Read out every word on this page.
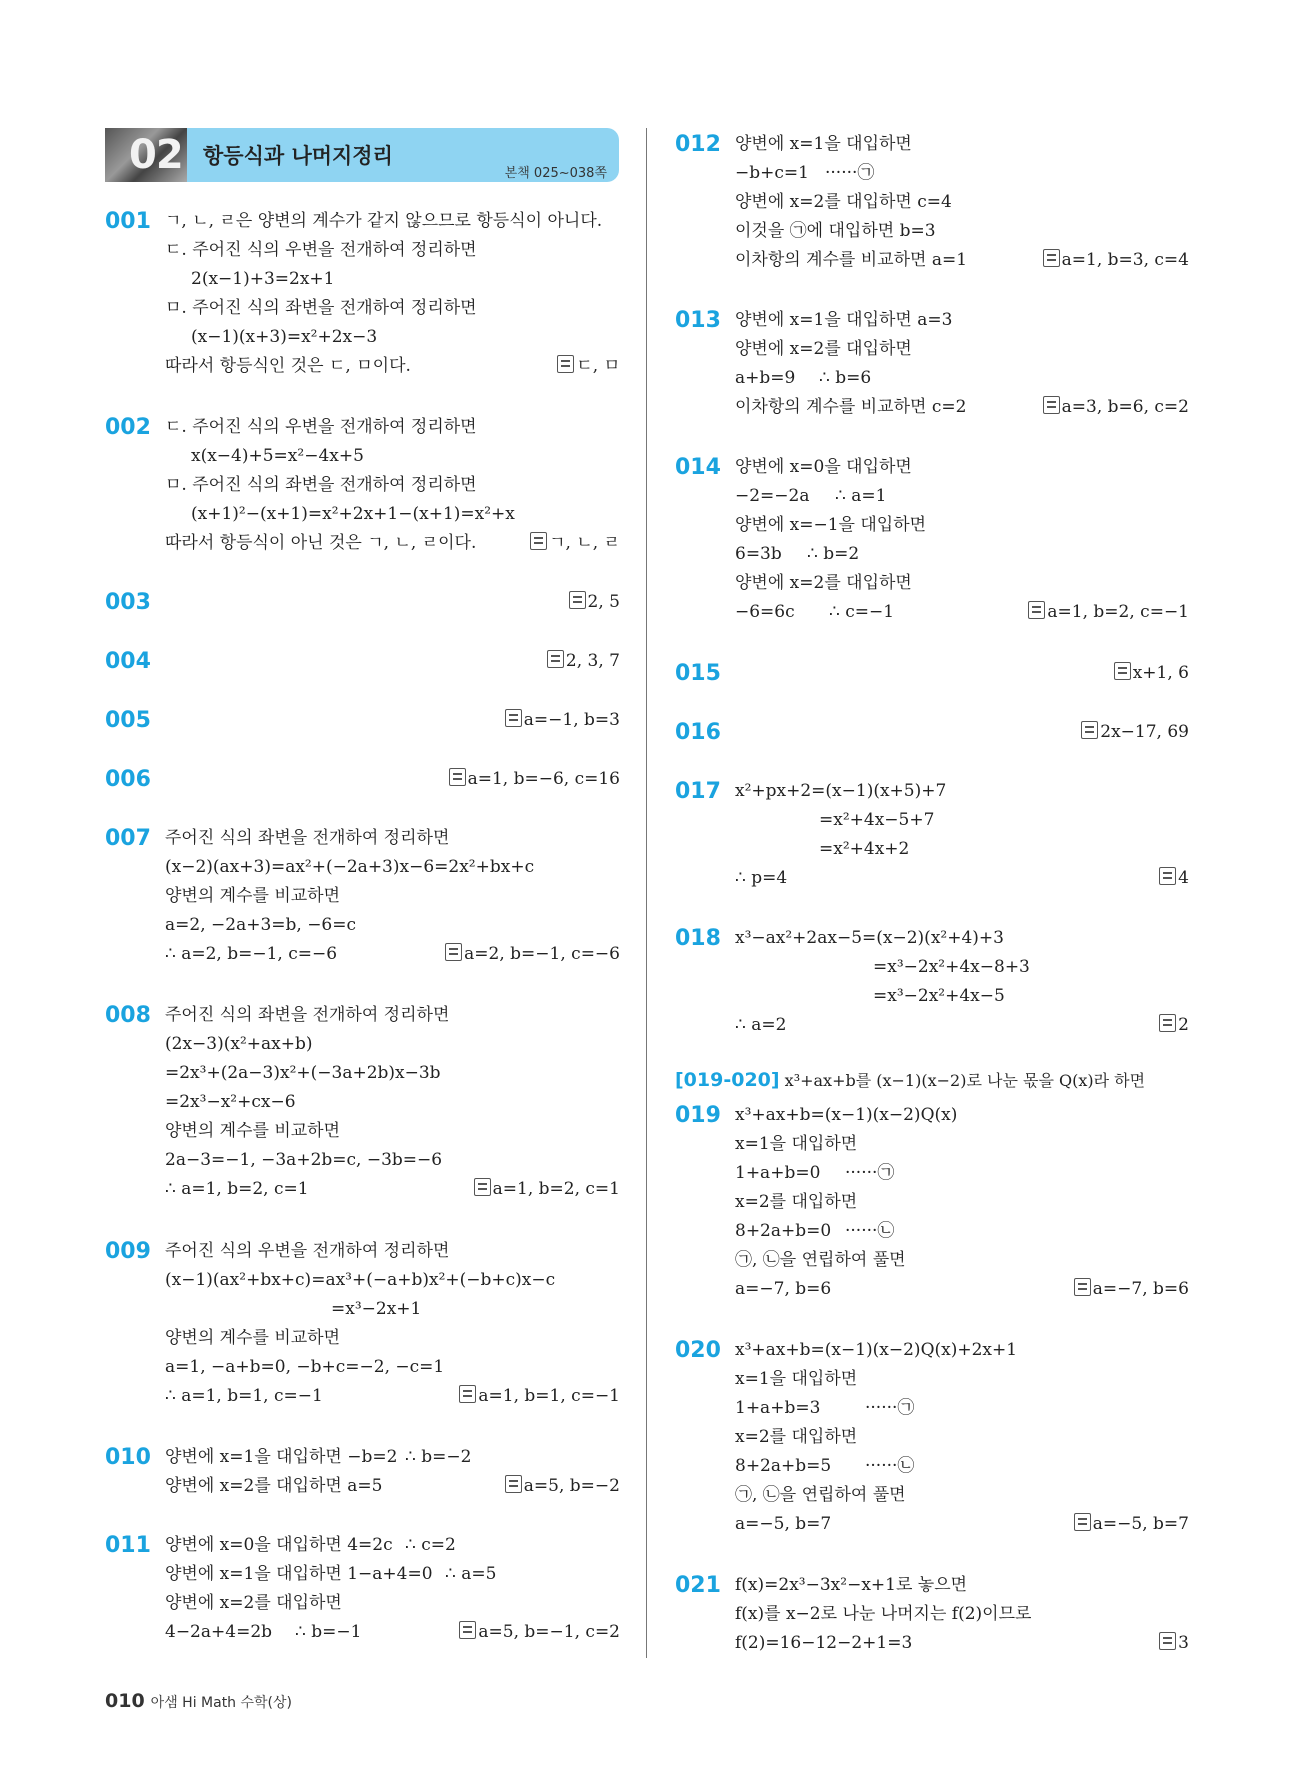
02 항등식과 나머지정리
본책 025~038쪽
001 ㄱ, ㄴ, ㄹ은 양변의 계수가 같지 않으므로 항등식이 아니다.
ㄷ. 주어진 식의 우변을 전개하여 정리하면
2(x−1)+3=2x+1
ㅁ. 주어진 식의 좌변을 전개하여 정리하면
(x−1)(x+3)=x²+2x−3
따라서 항등식인 것은 ㄷ, ㅁ이다.	ㄷ, ㅁ
002 ㄷ. 주어진 식의 우변을 전개하여 정리하면
x(x−4)+5=x²−4x+5
ㅁ. 주어진 식의 좌변을 전개하여 정리하면
(x+1)²−(x+1)=x²+2x+1−(x+1)=x²+x
따라서 항등식이 아닌 것은 ㄱ, ㄴ, ㄹ이다.	ㄱ, ㄴ, ㄹ
003	2, 5
004	2, 3, 7
005	a=−1, b=3
006	a=1, b=−6, c=16
007 주어진 식의 좌변을 전개하여 정리하면
(x−2)(ax+3)=ax²+(−2a+3)x−6=2x²+bx+c
양변의 계수를 비교하면
a=2, −2a+3=b, −6=c
∴ a=2, b=−1, c=−6	a=2, b=−1, c=−6
008 주어진 식의 좌변을 전개하여 정리하면
(2x−3)(x²+ax+b)
=2x³+(2a−3)x²+(−3a+2b)x−3b
=2x³−x²+cx−6
양변의 계수를 비교하면
2a−3=−1, −3a+2b=c, −3b=−6
∴ a=1, b=2, c=1	a=1, b=2, c=1
009 주어진 식의 우변을 전개하여 정리하면
(x−1)(ax²+bx+c)=ax³+(−a+b)x²+(−b+c)x−c
=x³−2x+1
양변의 계수를 비교하면
a=1, −a+b=0, −b+c=−2, −c=1
∴ a=1, b=1, c=−1	a=1, b=1, c=−1
010 양변에 x=1을 대입하면 −b=2 ∴ b=−2
양변에 x=2를 대입하면 a=5	a=5, b=−2
011 양변에 x=0을 대입하면 4=2c ∴ c=2
양변에 x=1을 대입하면 1−a+4=0 ∴ a=5
양변에 x=2를 대입하면
4−2a+4=2b ∴ b=−1	a=5, b=−1, c=2
012 양변에 x=1을 대입하면
−b+c=1 ······㉠
양변에 x=2를 대입하면 c=4
이것을 ㉠에 대입하면 b=3
이차항의 계수를 비교하면 a=1	a=1, b=3, c=4
013 양변에 x=1을 대입하면 a=3
양변에 x=2를 대입하면
a+b=9 ∴ b=6
이차항의 계수를 비교하면 c=2	a=3, b=6, c=2
014 양변에 x=0을 대입하면
−2=−2a ∴ a=1
양변에 x=−1을 대입하면
6=3b ∴ b=2
양변에 x=2를 대입하면
−6=6c ∴ c=−1	a=1, b=2, c=−1
015	x+1, 6
016	2x−17, 69
017 x²+px+2=(x−1)(x+5)+7
=x²+4x−5+7
=x²+4x+2
∴ p=4	4
018 x³−ax²+2ax−5=(x−2)(x²+4)+3
=x³−2x²+4x−8+3
=x³−2x²+4x−5
∴ a=2	2
[019-020] x³+ax+b를 (x−1)(x−2)로 나눈 몫을 Q(x)라 하면
019 x³+ax+b=(x−1)(x−2)Q(x)
x=1을 대입하면
1+a+b=0 ······㉠
x=2를 대입하면
8+2a+b=0 ······㉡
㉠, ㉡을 연립하여 풀면
a=−7, b=6	a=−7, b=6
020 x³+ax+b=(x−1)(x−2)Q(x)+2x+1
x=1을 대입하면
1+a+b=3	······㉠
x=2를 대입하면
8+2a+b=5 ······㉡
㉠, ㉡을 연립하여 풀면
a=−5, b=7	a=−5, b=7
021 f(x)=2x³−3x²−x+1로 놓으면
f(x)를 x−2로 나눈 나머지는 f(2)이므로
f(2)=16−12−2+1=3	3
010 아샘 Hi Math 수학(상)
